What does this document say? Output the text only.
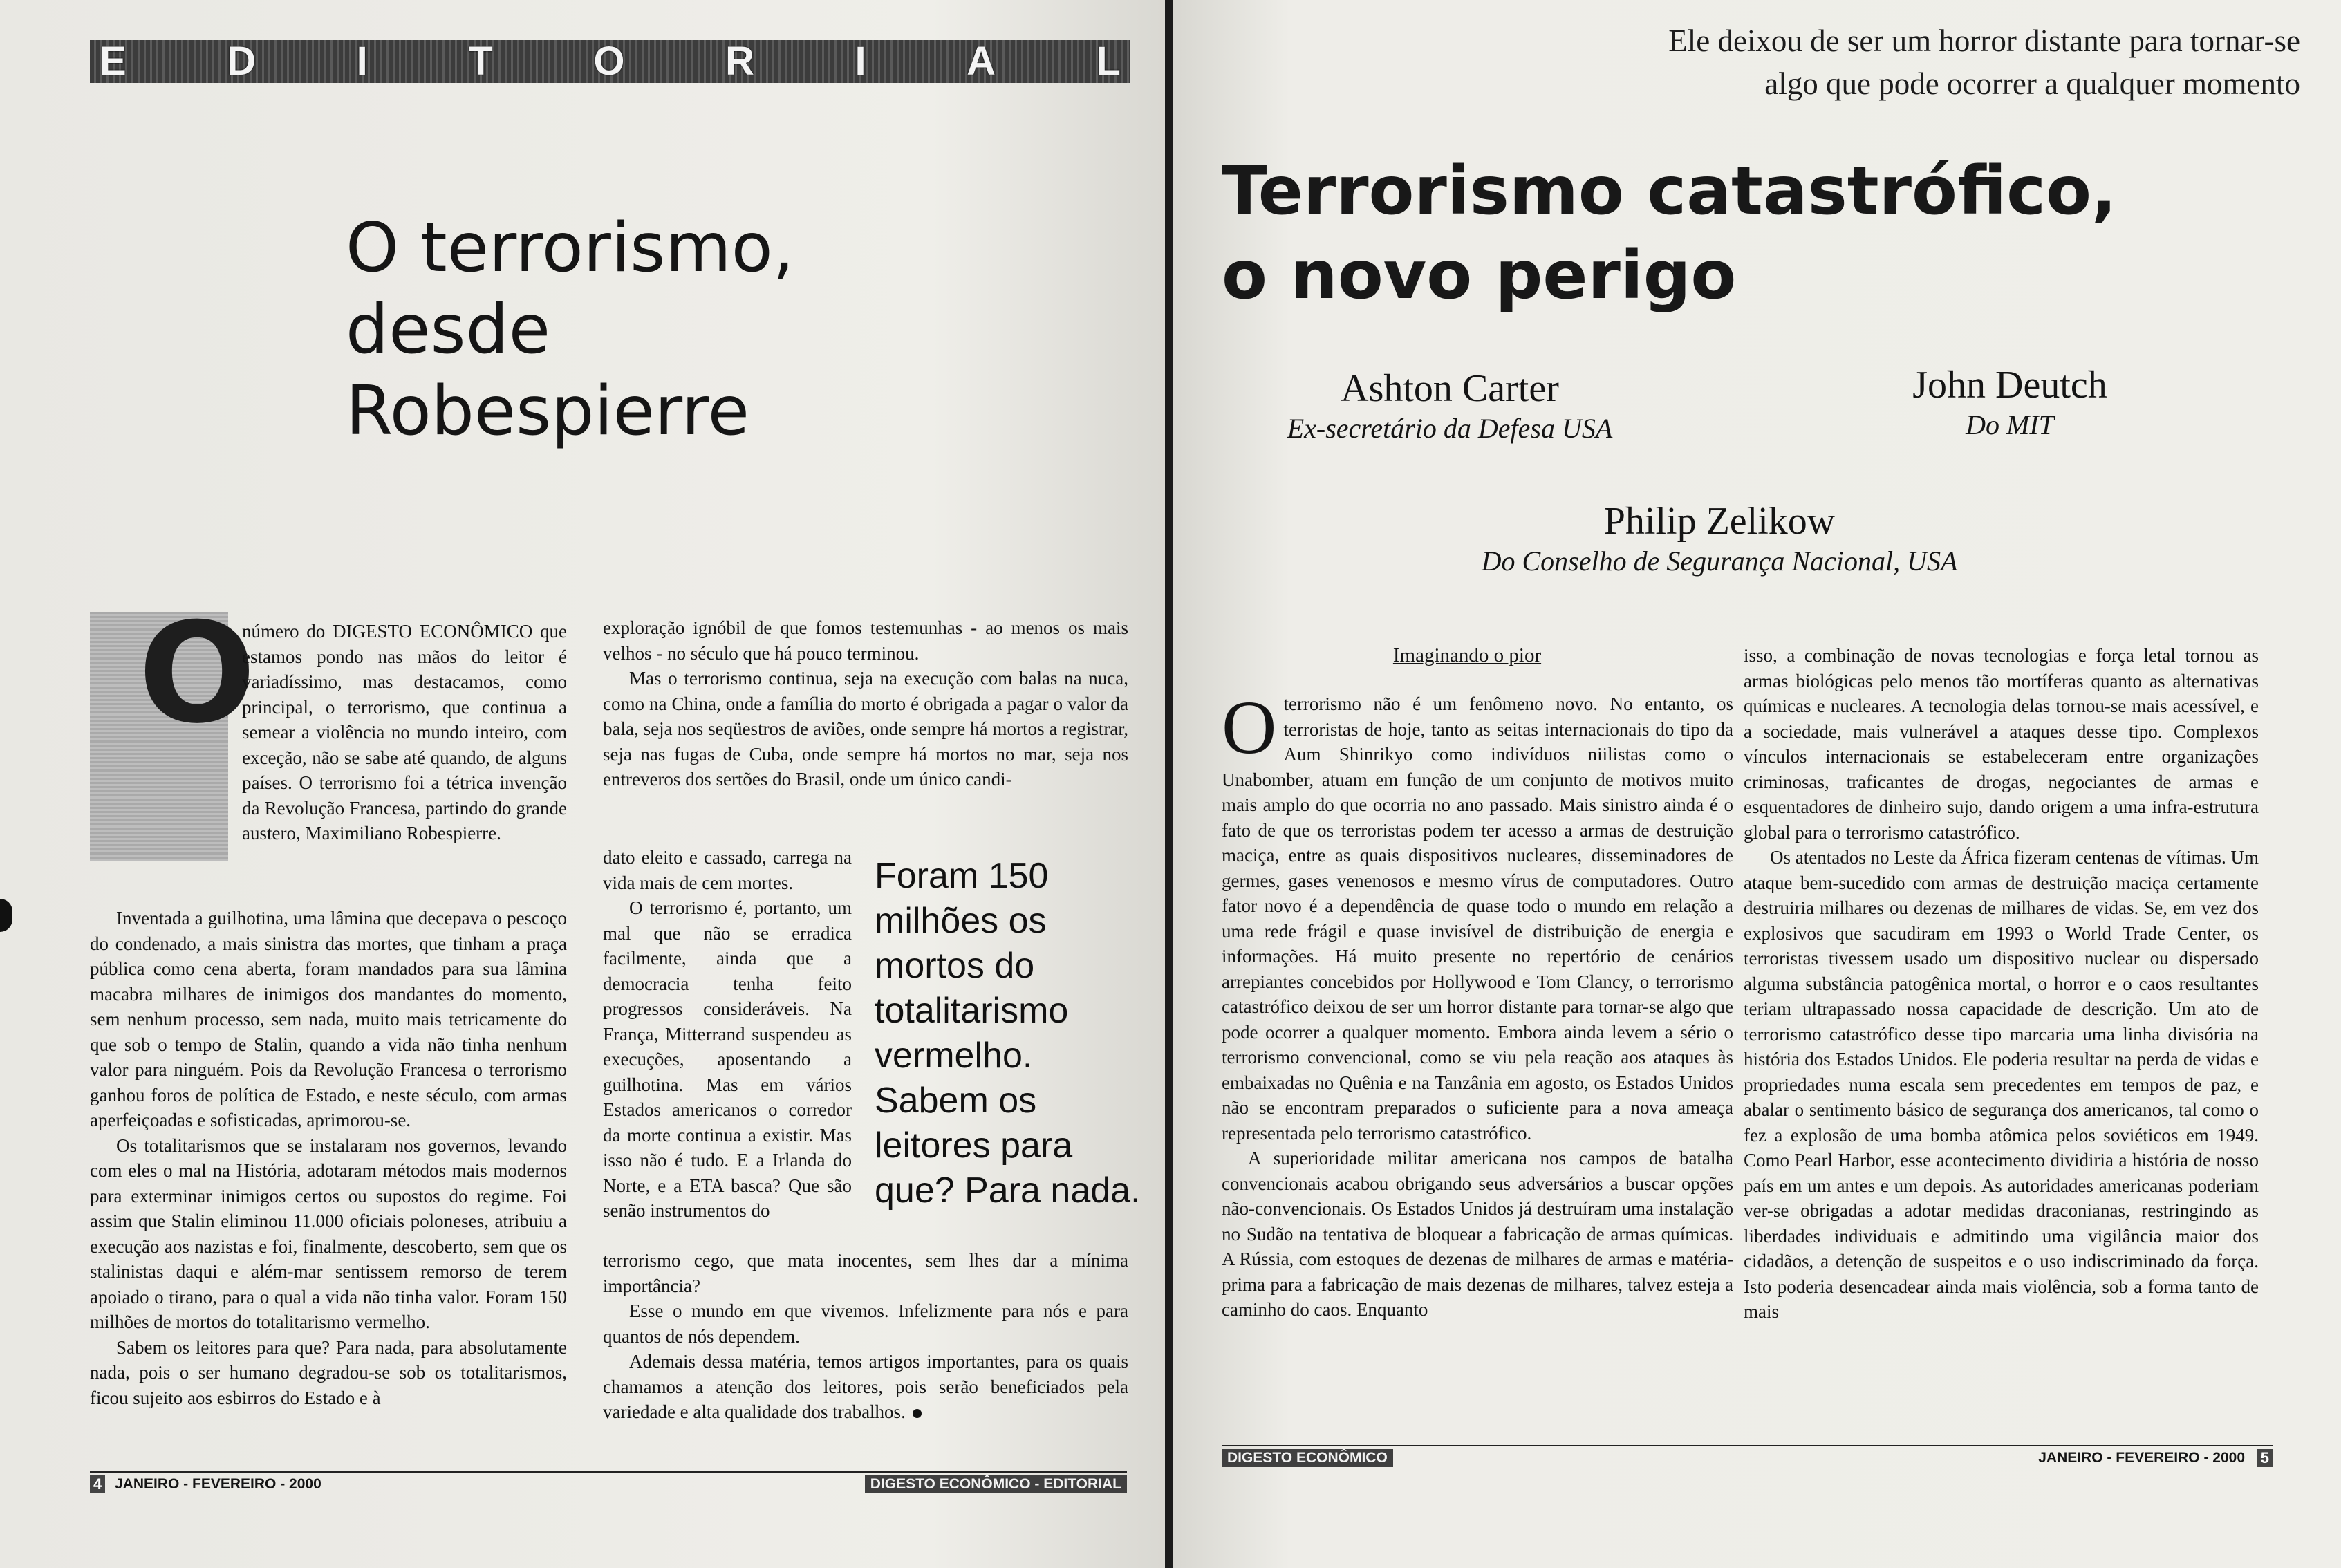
E	D	I	T	O	R	I	A	L
O terrorismo,
desde
Robespierre
O
número do DIGESTO ECONÔMICO que estamos pondo nas mãos do leitor é variadíssimo, mas destacamos, como principal, o terrorismo, que continua a semear a violência no mundo inteiro, com exceção, não se sabe até quando, de alguns países. O terrorismo foi a tétrica invenção da Revolução Francesa, partindo do grande austero, Maximiliano Robespierre.

Inventada a guilhotina, uma lâmina que decepava o pescoço do condenado, a mais sinistra das mortes, que tinham a praça pública como cena aberta, foram mandados para sua lâmina macabra milhares de inimigos dos mandantes do momento, sem nenhum processo, sem nada, muito mais tetricamente do que sob o tempo de Stalin, quando a vida não tinha nenhum valor para ninguém. Pois da Revolução Francesa o terrorismo ganhou foros de política de Estado, e neste século, com armas aperfeiçoadas e sofisticadas, aprimorou-se.

Os totalitarismos que se instalaram nos governos, levando com eles o mal na História, adotaram métodos mais modernos para exterminar inimigos certos ou supostos do regime. Foi assim que Stalin eliminou 11.000 oficiais poloneses, atribuiu a execução aos nazistas e foi, finalmente, descoberto, sem que os stalinistas daqui e além-mar sentissem remorso de terem apoiado o tirano, para o qual a vida não tinha valor. Foram 150 milhões de mortos do totalitarismo vermelho.

Sabem os leitores para que? Para nada, para absolutamente nada, pois o ser humano degradou-se sob os totalitarismos, ficou sujeito aos esbirros do Estado e à

exploração ignóbil de que fomos testemunhas - ao menos os mais velhos - no século que há pouco terminou.

Mas o terrorismo continua, seja na execução com balas na nuca, como na China, onde a família do morto é obrigada a pagar o valor da bala, seja nos seqüestros de aviões, onde sempre há mortos a registrar, seja nas fugas de Cuba, onde sempre há mortos no mar, seja nos entreveros dos sertões do Brasil, onde um único candi-

dato eleito e cassado, carrega na vida mais de cem mortes.

O terrorismo é, portanto, um mal que não se erradica facilmente, ainda que a democracia tenha feito progressos consideráveis. Na França, Mitterrand suspendeu as execuções, aposentando a guilhotina. Mas em vários Estados americanos o corredor da morte continua a existir. Mas isso não é tudo. E a Irlanda do Norte, e a ETA basca? Que são senão instrumentos do

Foram 150
milhões os
mortos do
totalitarismo
vermelho.
Sabem os
leitores para
que? Para nada.

terrorismo cego, que mata inocentes, sem lhes dar a mínima importância?

Esse o mundo em que vivemos. Infelizmente para nós e para quantos de nós dependem.

Ademais dessa matéria, temos artigos importantes, para os quais chamamos a atenção dos leitores, pois serão beneficiados pela variedade e alta qualidade dos trabalhos.

4 JANEIRO - FEVEREIRO - 2000	DIGESTO ECONÔMICO - EDITORIAL
Ele deixou de ser um horror distante para tornar-se
algo que pode ocorrer a qualquer momento
Terrorismo catastrófico,
o novo perigo
Ashton Carter
Ex-secretário da Defesa USA
John Deutch
Do MIT
Philip Zelikow
Do Conselho de Segurança Nacional, USA
Imaginando o pior

Oterrorismo não é um fenômeno novo. No entanto, os terroristas de hoje, tanto as seitas internacionais do tipo da Aum Shinrikyo como indivíduos niilistas como o Unabomber, atuam em função de um conjunto de motivos muito mais amplo do que ocorria no ano passado. Mais sinistro ainda é o fato de que os terroristas podem ter acesso a armas de destruição maciça, entre as quais dispositivos nucleares, disseminadores de germes, gases venenosos e mesmo vírus de computadores. Outro fator novo é a dependência de quase todo o mundo em relação a uma rede frágil e quase invisível de distribuição de energia e informações. Há muito presente no repertório de cenários arrepiantes concebidos por Hollywood e Tom Clancy, o terrorismo catastrófico deixou de ser um horror distante para tornar-se algo que pode ocorrer a qualquer momento. Embora ainda levem a sério o terrorismo convencional, como se viu pela reação aos ataques às embaixadas no Quênia e na Tanzânia em agosto, os Estados Unidos não se encontram preparados o suficiente para a nova ameaça representada pelo terrorismo catastrófico.

A superioridade militar americana nos campos de batalha convencionais acabou obrigando seus adversários a buscar opções não-convencionais. Os Estados Unidos já destruíram uma instalação no Sudão na tentativa de bloquear a fabricação de armas químicas. A Rússia, com estoques de dezenas de milhares de armas e matéria-prima para a fabricação de mais dezenas de milhares, talvez esteja a caminho do caos. Enquanto

isso, a combinação de novas tecnologias e força letal tornou as armas biológicas pelo menos tão mortíferas quanto as alternativas químicas e nucleares. A tecnologia delas tornou-se mais acessível, e a sociedade, mais vulnerável a ataques desse tipo. Complexos vínculos internacionais se estabeleceram entre organizações criminosas, traficantes de drogas, negociantes de armas e esquentadores de dinheiro sujo, dando origem a uma infra-estrutura global para o terrorismo catastrófico.

Os atentados no Leste da África fizeram centenas de vítimas. Um ataque bem-sucedido com armas de destruição maciça certamente destruiria milhares ou dezenas de milhares de vidas. Se, em vez dos explosivos que sacudiram em 1993 o World Trade Center, os terroristas tivessem usado um dispositivo nuclear ou dispersado alguma substância patogênica mortal, o horror e o caos resultantes teriam ultrapassado nossa capacidade de descrição. Um ato de terrorismo catastrófico desse tipo marcaria uma linha divisória na história dos Estados Unidos. Ele poderia resultar na perda de vidas e propriedades numa escala sem precedentes em tempos de paz, e abalar o sentimento básico de segurança dos americanos, tal como o fez a explosão de uma bomba atômica pelos soviéticos em 1949. Como Pearl Harbor, esse acontecimento dividiria a história de nosso país em um antes e um depois. As autoridades americanas poderiam ver-se obrigadas a adotar medidas draconianas, restringindo as liberdades individuais e admitindo uma vigilância maior dos cidadãos, a detenção de suspeitos e o uso indiscriminado da força. Isto poderia desencadear ainda mais violência, sob a forma tanto de mais

DIGESTO ECONÔMICO	JANEIRO - FEVEREIRO - 2000 5
